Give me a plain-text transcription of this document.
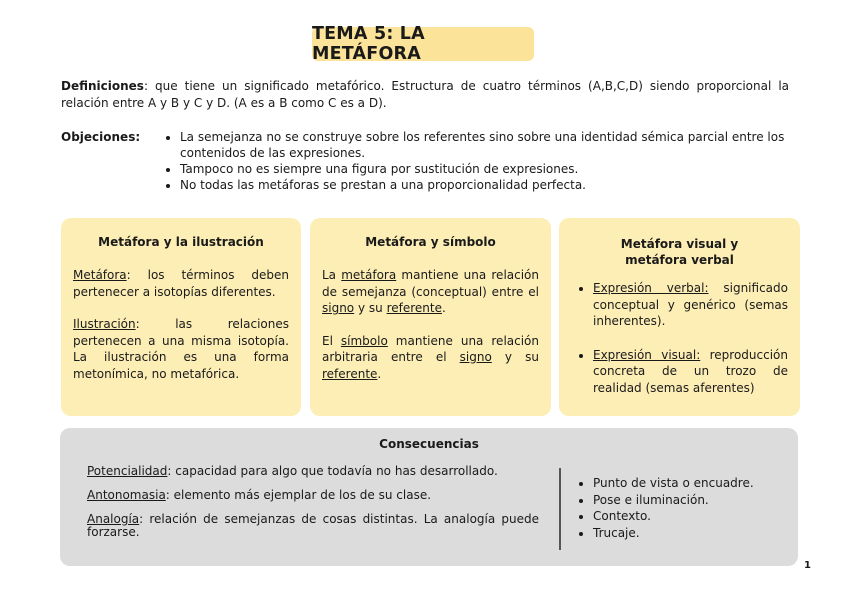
TEMA 5: LA METÁFORA
Definiciones: que tiene un significado metafórico. Estructura de cuatro términos (A,B,C,D) siendo proporcional la relación entre A y B y C y D. (A es a B como C es a D).
Objeciones:
•	La semejanza no se construye sobre los referentes sino sobre una identidad sémica parcial entre los contenidos de las expresiones.
• Tampoco no es siempre una figura por sustitución de expresiones.
• No todas las metáforas se prestan a una proporcionalidad perfecta.
Metáfora y la ilustración

Metáfora: los términos deben pertenecer a isotopías diferentes.

Ilustración: las relaciones pertenecen a una misma isotopía. La ilustración es una forma metonímica, no metafórica.

Metáfora y símbolo

La metáfora mantiene una relación de semejanza (conceptual) entre el signo y su referente.

El símbolo mantiene una relación arbitraria entre el signo y su referente.

Metáfora visual y
metáfora verbal
• Expresión verbal: significado conceptual y genérico (semas inherentes).
• Expresión visual: reproducción concreta de un trozo de realidad (semas aferentes)
Consecuencias

Potencialidad: capacidad para algo que todavía no has desarrollado.

Antonomasia: elemento más ejemplar de los de su clase.

Analogía: relación de semejanzas de cosas distintas. La analogía puede forzarse.

• Punto de vista o encuadre.
• Pose e iluminación.
• Contexto.
• Trucaje.
1
